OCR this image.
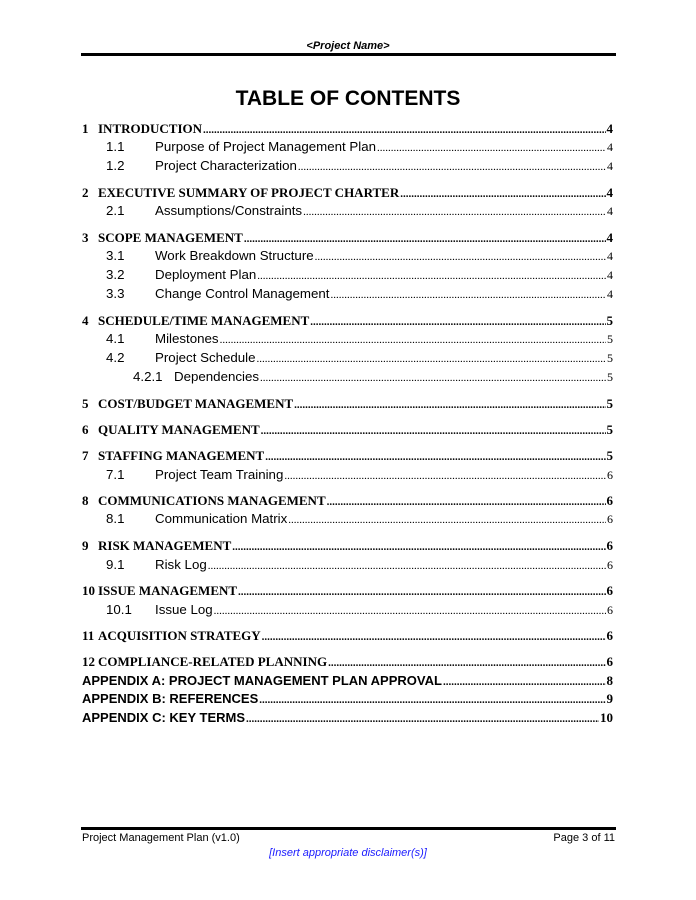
<Project Name>
TABLE OF CONTENTS
1 INTRODUCTION .....	4
1.1	Purpose of Project Management Plan .....	4
1.2	Project Characterization .....	4
2 EXECUTIVE SUMMARY OF PROJECT CHARTER .....	4
2.1	Assumptions/Constraints .....	4
3 SCOPE MANAGEMENT .....	4
3.1	Work Breakdown Structure .....	4
3.2	Deployment Plan .....	4
3.3	Change Control Management .....	4
4 SCHEDULE/TIME MANAGEMENT .....	5
4.1	Milestones .....	5
4.2	Project Schedule .....	5
4.2.1 Dependencies .....	5
5 COST/BUDGET MANAGEMENT .....	5
6 QUALITY MANAGEMENT .....	5
7 STAFFING MANAGEMENT .....	5
7.1	Project Team Training .....	6
8 COMMUNICATIONS MANAGEMENT .....	6
8.1	Communication Matrix .....	6
9 RISK MANAGEMENT .....	6
9.1	Risk Log .....	6
10 ISSUE MANAGEMENT .....	6
10.1	Issue Log .....	6
11 ACQUISITION STRATEGY .....	6
12 COMPLIANCE-RELATED PLANNING .....	6
APPENDIX A: PROJECT MANAGEMENT PLAN APPROVAL .....	8
APPENDIX B: REFERENCES .....	9
APPENDIX C: KEY TERMS .....	10
Project Management Plan (v1.0)	Page 3 of 11
[Insert appropriate disclaimer(s)]
